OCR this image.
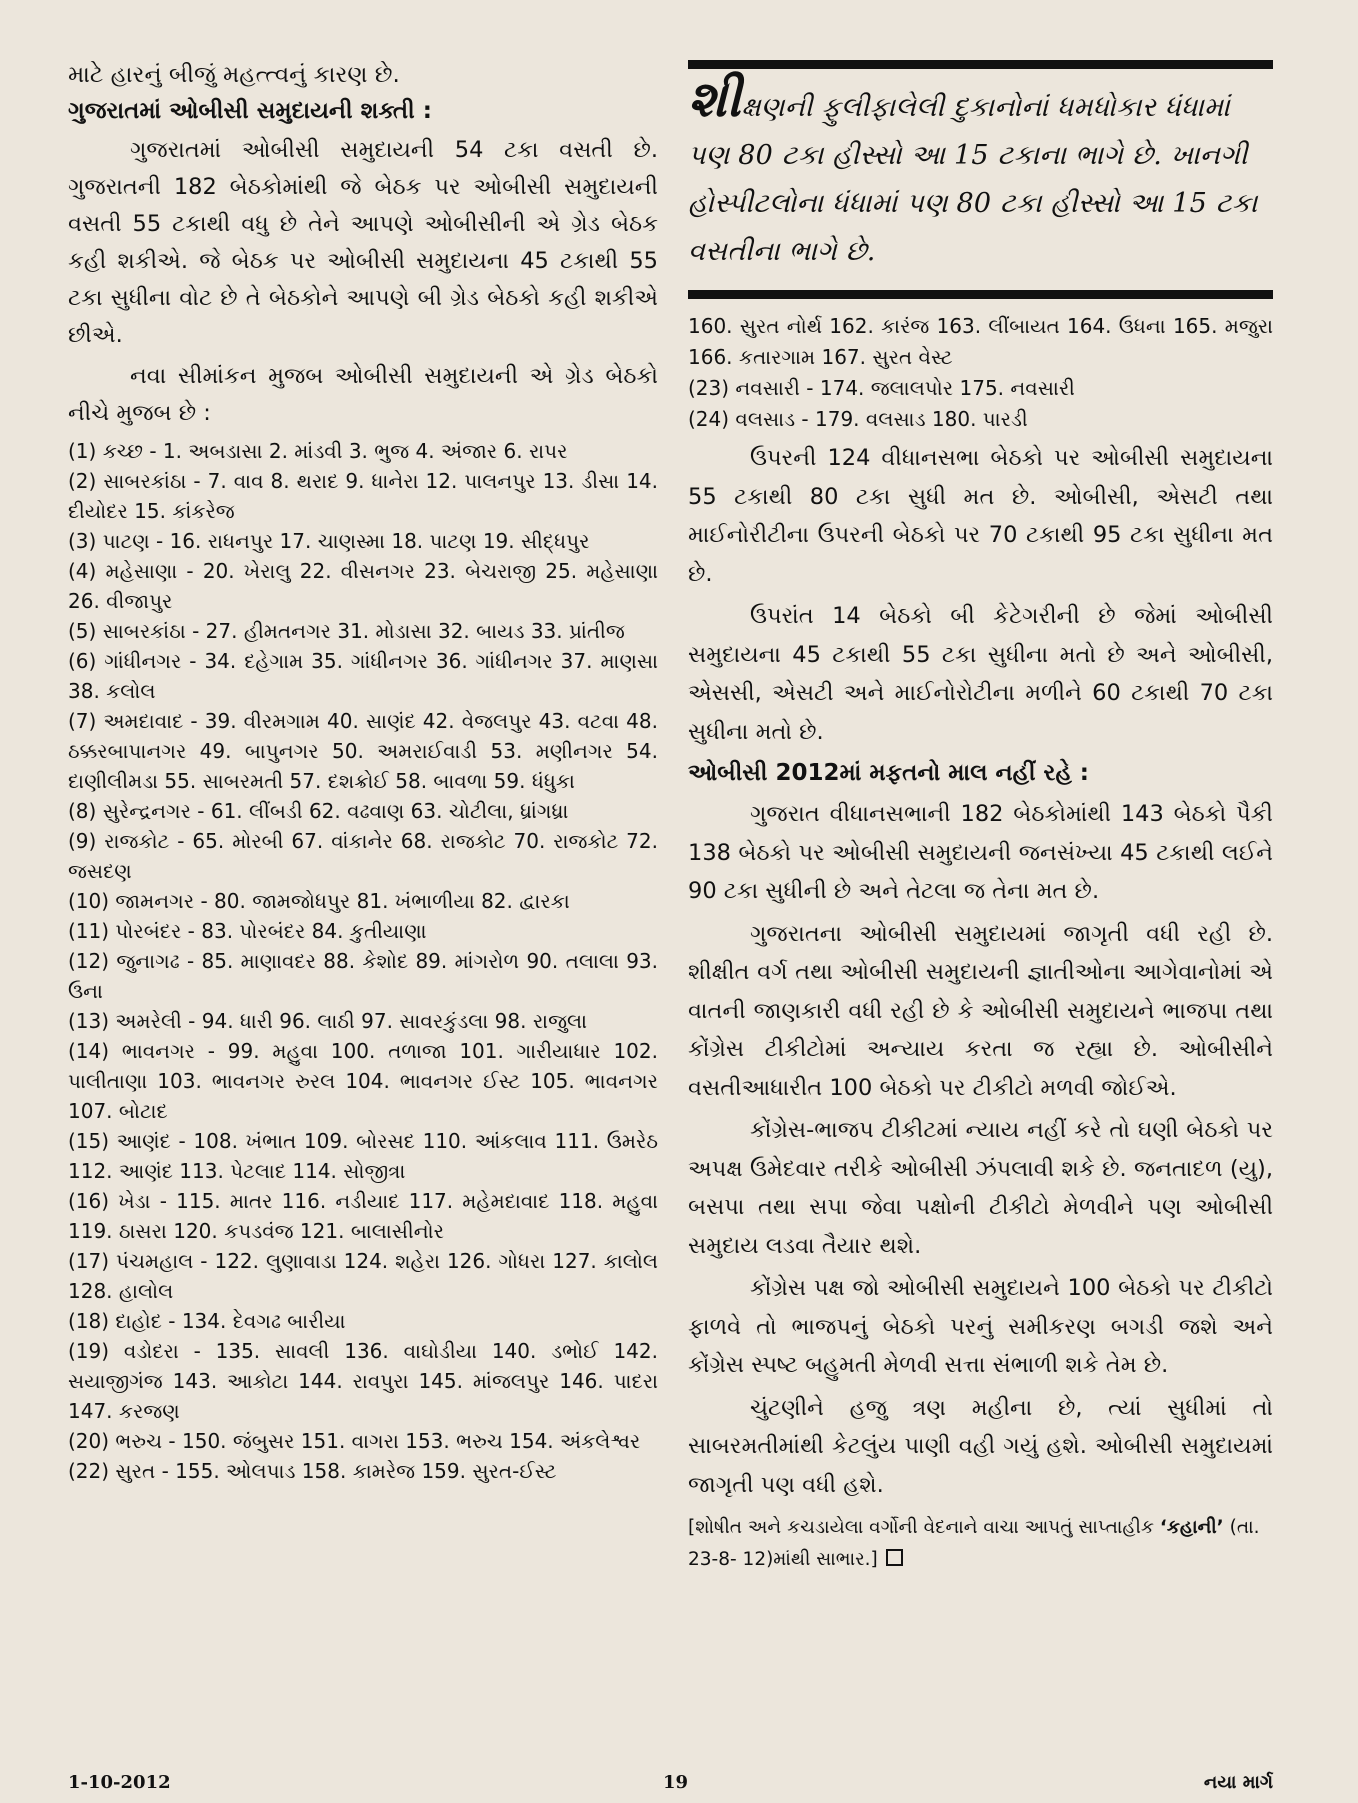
માટે હારનું બીજું મહત્ત્વનું કારણ છે.

ગુજરાતમાં ઓબીસી સમુદાયની શક્તી :

ગુજરાતમાં ઓબીસી સમુદાયની 54 ટકા વસતી છે. ગુજરાતની 182 બેઠકોમાંથી જે બેઠક પર ઓબીસી સમુદાયની વસતી 55 ટકાથી વધુ છે તેને આપણે ઓબીસીની એ ગ્રેડ બેઠક કહી શકીએ. જે બેઠક પર ઓબીસી સમુદાયના 45 ટકાથી 55 ટકા સુધીના વોટ છે તે બેઠકોને આપણે બી ગ્રેડ બેઠકો કહી શકીએ છીએ.

નવા સીમાંકન મુજબ ઓબીસી સમુદાયની એ ગ્રેડ બેઠકો નીચે મુજબ છે :

(1) કચ્છ - 1. અબડાસા 2. માંડવી 3. ભુજ 4. અંજાર 6. રાપર

(2) સાબરકાંઠા - 7. વાવ 8. થરાદ 9. ધાનેરા 12. પાલનપુર 13. ડીસા 14. દીયોદર 15. કાંકરેજ

(3) પાટણ - 16. રાધનપુર 17. ચાણસ્મા 18. પાટણ 19. સીદ્ધપુર

(4) મહેસાણા - 20. ખેરાલુ 22. વીસનગર 23. બેચરાજી 25. મહેસાણા 26. વીજાપુર

(5) સાબરકાંઠા - 27. હીમતનગર 31. મોડાસા 32. બાયડ 33. પ્રાંતીજ

(6) ગાંધીનગર - 34. દહેગામ 35. ગાંધીનગર 36. ગાંધીનગર 37. માણસા 38. કલોલ

(7) અમદાવાદ - 39. વીરમગામ 40. સાણંદ 42. વેજલપુર 43. વટવા 48. ઠક્કરબાપાનગર 49. બાપુનગર 50. અમરાઈવાડી 53. મણીનગર 54. દાણીલીમડા 55. સાબરમતી 57. દશક્રોઈ 58. બાવળા 59. ધંધુકા

(8) સુરેન્દ્રનગર - 61. લીંબડી 62. વઢવાણ 63. ચોટીલા, ધ્રાંગધ્રા

(9) રાજકોટ - 65. મોરબી 67. વાંકાનેર 68. રાજકોટ 70. રાજકોટ 72. જસદણ

(10) જામનગર - 80. જામજોધપુર 81. ખંભાળીયા 82. દ્વારકા

(11) પોરબંદર - 83. પોરબંદર 84. કુતીયાણા

(12) જુનાગઢ - 85. માણાવદર 88. કેશોદ 89. માંગરોળ 90. તલાલા 93. ઉના

(13) અમરેલી - 94. ધારી 96. લાઠી 97. સાવરકુંડલા 98. રાજુલા

(14) ભાવનગર - 99. મહુવા 100. તળાજા 101. ગારીયાધાર 102. પાલીતાણા 103. ભાવનગર રુરલ 104. ભાવનગર ઈસ્ટ 105. ભાવનગર 107. બોટાદ

(15) આણંદ - 108. ખંભાત 109. બોરસદ 110. આંકલાવ 111. ઉમરેઠ 112. આણંદ 113. પેટલાદ 114. સોજીત્રા

(16) ખેડા - 115. માતર 116. નડીયાદ 117. મહેમદાવાદ 118. મહુવા 119. ઠાસરા 120. કપડવંજ 121. બાલાસીનોર

(17) પંચમહાલ - 122. લુણાવાડા 124. શહેરા 126. ગોધરા 127. કાલોલ 128. હાલોલ

(18) દાહોદ - 134. દેવગઢ બારીયા

(19) વડોદરા - 135. સાવલી 136. વાઘોડીયા 140. ડભોઈ 142. સયાજીગંજ 143. આકોટા 144. રાવપુરા 145. માંજલપુર 146. પાદરા 147. કરજણ

(20) ભરુચ - 150. જંબુસર 151. વાગરા 153. ભરુચ 154. અંકલેશ્વર

(22) સુરત - 155. ઓલપાડ 158. કામરેજ 159. સુરત-ઈસ્ટ

શીક્ષણની ફુલીફાલેલી દુકાનોનાં ધમધોકાર ધંધામાં પણ 80 ટકા હીસ્સો આ 15 ટકાના ભાગે છે. ખાનગી હોસ્પીટલોના ધંધામાં પણ 80 ટકા હીસ્સો આ 15 ટકા વસતીના ભાગે છે.

160. સુરત નોર્થ 162. કારંજ 163. લીંબાયત 164. ઉધના 165. મજુરા 166. કતારગામ 167. સુરત વેસ્ટ

(23) નવસારી - 174. જલાલપોર 175. નવસારી

(24) વલસાડ - 179. વલસાડ 180. પારડી

ઉપરની 124 વીધાનસભા બેઠકો પર ઓબીસી સમુદાયના 55 ટકાથી 80 ટકા સુધી મત છે. ઓબીસી, એસટી તથા માઈનોરીટીના ઉપરની બેઠકો પર 70 ટકાથી 95 ટકા સુધીના મત છે.

ઉપરાંત 14 બેઠકો બી કેટેગરીની છે જેમાં ઓબીસી સમુદાયના 45 ટકાથી 55 ટકા સુધીના મતો છે અને ઓબીસી, એસસી, એસટી અને માઈનોરોટીના મળીને 60 ટકાથી 70 ટકા સુધીના મતો છે.

ઓબીસી 2012માં મફતનો માલ નહીં રહે :

ગુજરાત વીધાનસભાની 182 બેઠકોમાંથી 143 બેઠકો પૈકી 138 બેઠકો પર ઓબીસી સમુદાયની જનસંખ્યા 45 ટકાથી લઈને 90 ટકા સુધીની છે અને તેટલા જ તેના મત છે.

ગુજરાતના ઓબીસી સમુદાયમાં જાગૃતી વધી રહી છે. શીક્ષીત વર્ગ તથા ઓબીસી સમુદાયની જ્ઞાતીઓના આગેવાનોમાં એ વાતની જાણકારી વધી રહી છે કે ઓબીસી સમુદાયને ભાજપા તથા કોંગ્રેસ ટીકીટોમાં અન્યાય કરતા જ રહ્યા છે. ઓબીસીને વસતીઆધારીત 100 બેઠકો પર ટીકીટો મળવી જોઈએ.

કોંગ્રેસ-ભાજપ ટીકીટમાં ન્યાય નહીં કરે તો ઘણી બેઠકો પર અપક્ષ ઉમેદવાર તરીકે ઓબીસી ઝંપલાવી શકે છે. જનતાદળ (યુ), બસપા તથા સપા જેવા પક્ષોની ટીકીટો મેળવીને પણ ઓબીસી સમુદાય લડવા તૈયાર થશે.

કોંગ્રેસ પક્ષ જો ઓબીસી સમુદાયને 100 બેઠકો પર ટીકીટો ફાળવે તો ભાજપનું બેઠકો પરનું સમીકરણ બગડી જશે અને કોંગ્રેસ સ્પષ્ટ બહુમતી મેળવી સત્તા સંભાળી શકે તેમ છે.

ચુંટણીને હજુ ત્રણ મહીના છે, ત્યાં સુધીમાં તો સાબરમતીમાંથી કેટલુંય પાણી વહી ગયું હશે. ઓબીસી સમુદાયમાં જાગૃતી પણ વધી હશે.

[શોષીત અને કચડાયેલા વર્ગોની વેદનાને વાચા આપતું સાપ્તાહીક ‘કહાની’ (તા. 23-8- 12)માંથી સાભાર.]

1-10-2012	19	નયા માર્ગ
